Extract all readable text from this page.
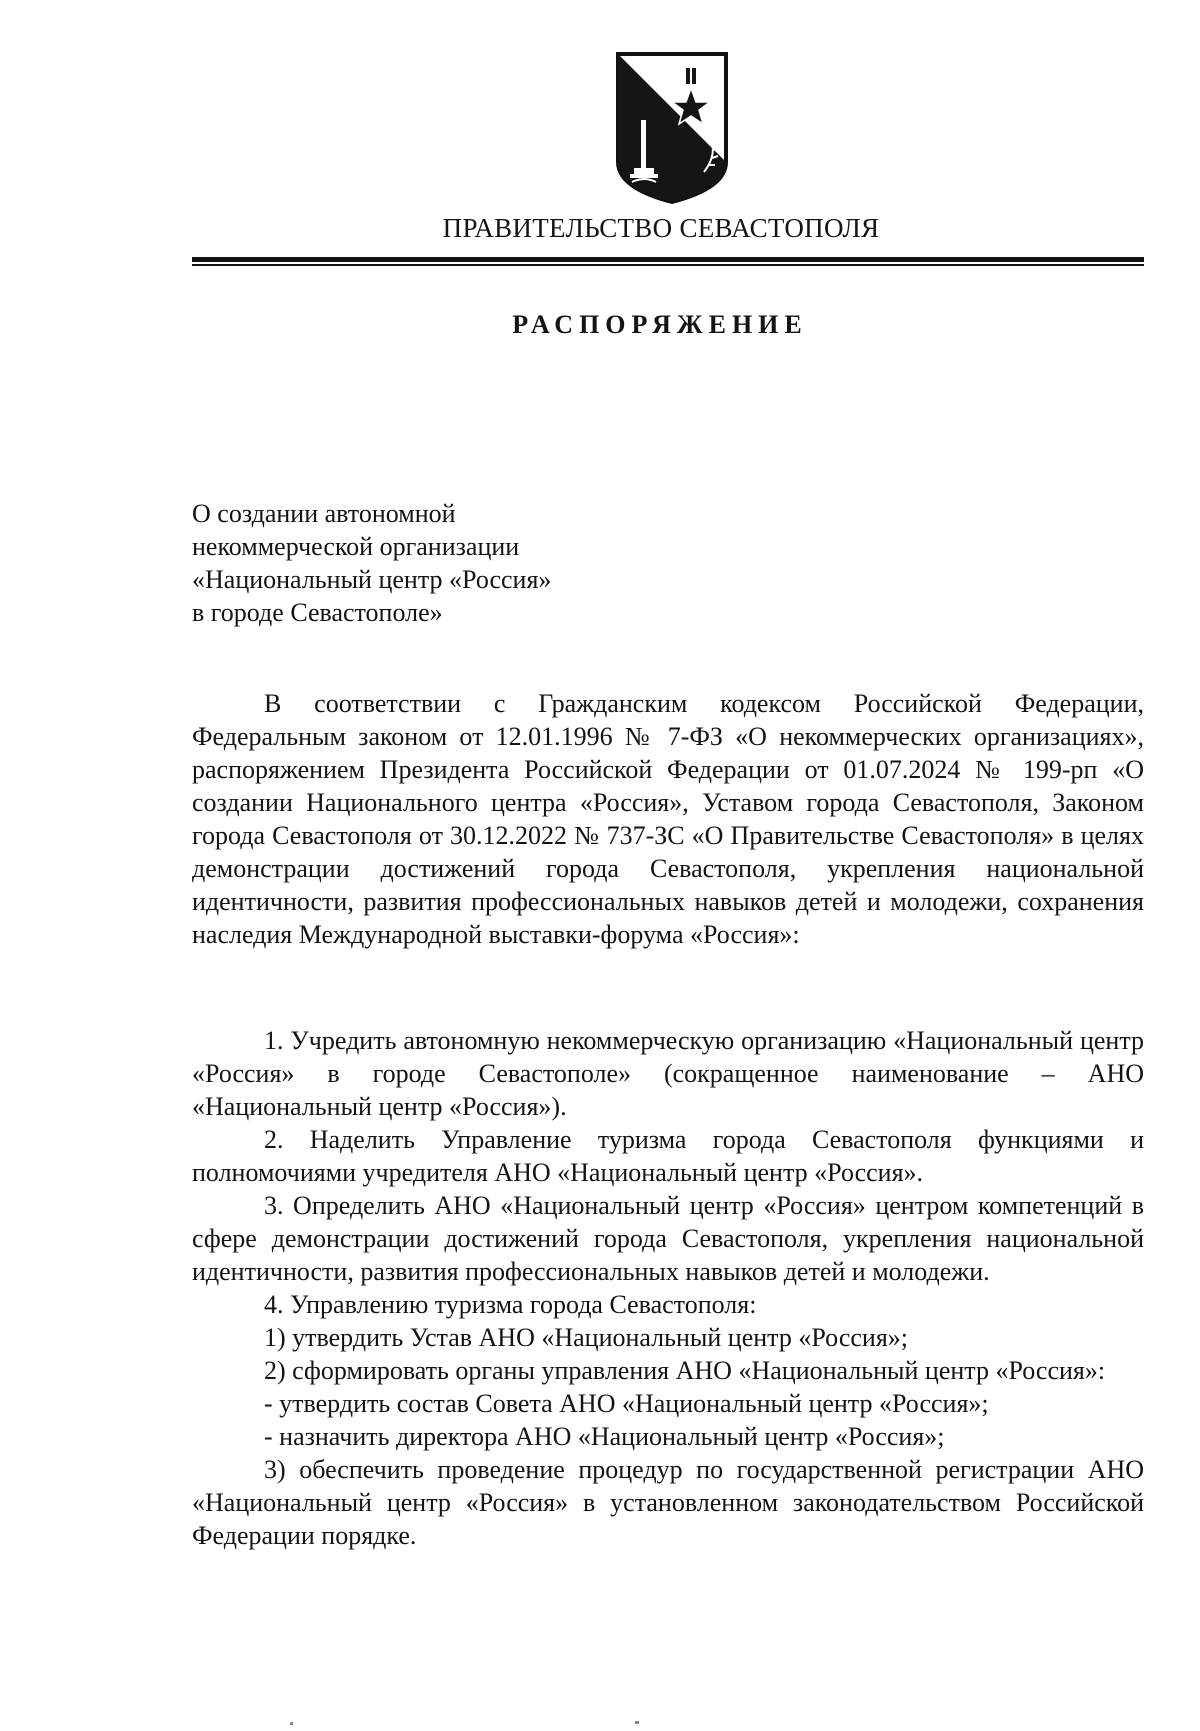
ПРАВИТЕЛЬСТВО СЕВАСТОПОЛЯ
РАСПОРЯЖЕНИЕ
О создании автономной
некоммерческой организации
«Национальный центр «Россия»
в городе Севастополе»

В соответствии с Гражданским кодексом Российской Федерации, Федеральным законом от 12.01.1996 № 7-ФЗ «О некоммерческих организациях», распоряжением Президента Российской Федерации от 01.07.2024 № 199-рп «О создании Национального центра «Россия», Уставом города Севастополя, Законом города Севастополя от 30.12.2022 № 737-ЗС «О Правительстве Севастополя» в целях демонстрации достижений города Севастополя, укрепления национальной идентичности, развития профессиональных навыков детей и молодежи, сохранения наследия Международной выставки-форума «Россия»:

1. Учредить автономную некоммерческую организацию «Национальный центр «Россия» в городе Севастополе» (сокращенное наименование – АНО «Национальный центр «Россия»).

2. Наделить Управление туризма города Севастополя функциями и полномочиями учредителя АНО «Национальный центр «Россия».

3. Определить АНО «Национальный центр «Россия» центром компетенций в сфере демонстрации достижений города Севастополя, укрепления национальной идентичности, развития профессиональных навыков детей и молодежи.

4. Управлению туризма города Севастополя:

1) утвердить Устав АНО «Национальный центр «Россия»;

2) сформировать органы управления АНО «Национальный центр «Россия»:

- утвердить состав Совета АНО «Национальный центр «Россия»;

- назначить директора АНО «Национальный центр «Россия»;

3) обеспечить проведение процедур по государственной регистрации АНО «Национальный центр «Россия» в установленном законодательством Российской Федерации порядке.
